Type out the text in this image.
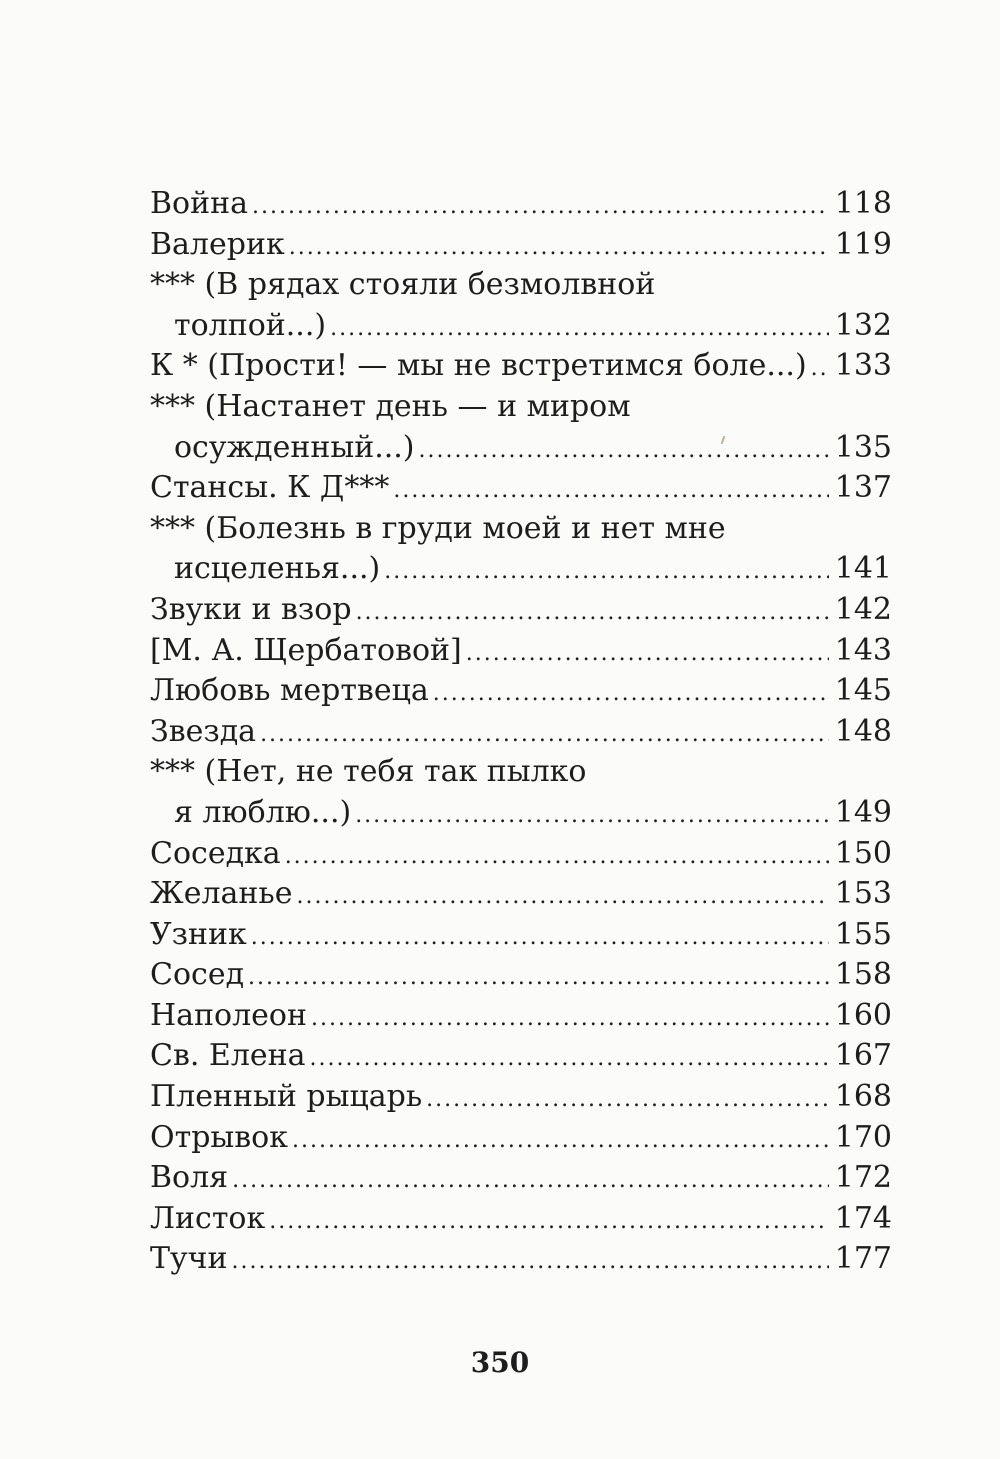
Война .....	118
Валерик .....	119
*** (В рядах стояли безмолвной
толпой...) .....	132
К * (Прости! — мы не встретимся боле...) ..... 133
*** (Настанет день — и миром
осужденный...) .....	135
Стансы. К Д*** .....	137
*** (Болезнь в груди моей и нет мне
исцеленья...) .....	141
Звуки и взор .....	142
[М. А. Щербатовой] .....	143
Любовь мертвеца .....	145
Звезда .....	148
*** (Нет, не тебя так пылко
я люблю...) .....	149
Соседка .....	150
Желанье .....	153
Узник .....	155
Сосед .....	158
Наполеон .....	160
Св. Елена .....	167
Пленный рыцарь .....	168
Отрывок .....	170
Воля .....	172
Листок .....	174
Тучи .....	177
350
